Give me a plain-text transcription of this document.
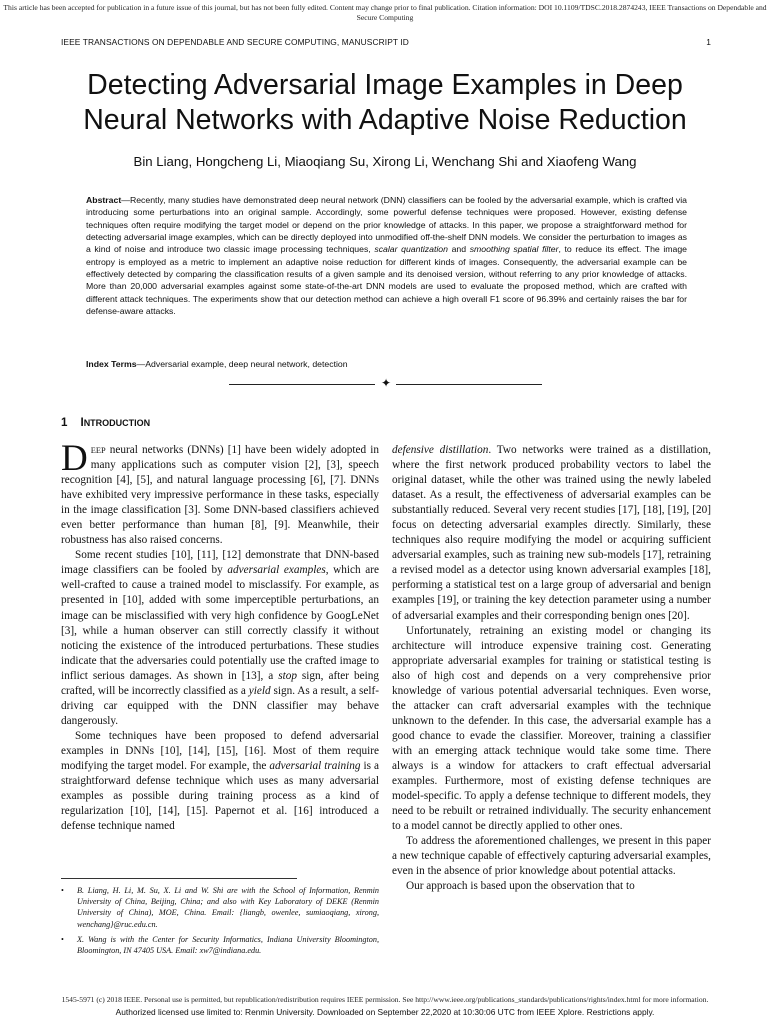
This article has been accepted for publication in a future issue of this journal, but has not been fully edited. Content may change prior to final publication. Citation information: DOI 10.1109/TDSC.2018.2874243, IEEE Transactions on Dependable and Secure Computing
IEEE TRANSACTIONS ON DEPENDABLE AND SECURE COMPUTING, MANUSCRIPT ID	1
Detecting Adversarial Image Examples in Deep
Neural Networks with Adaptive Noise Reduction
Bin Liang, Hongcheng Li, Miaoqiang Su, Xirong Li, Wenchang Shi and Xiaofeng Wang
Abstract—Recently, many studies have demonstrated deep neural network (DNN) classifiers can be fooled by the adversarial example, which is crafted via introducing some perturbations into an original sample. Accordingly, some powerful defense techniques were proposed. However, existing defense techniques often require modifying the target model or depend on the prior knowledge of attacks. In this paper, we propose a straightforward method for detecting adversarial image examples, which can be directly deployed into unmodified off-the-shelf DNN models. We consider the perturbation to images as a kind of noise and introduce two classic image processing techniques, scalar quantization and smoothing spatial filter, to reduce its effect. The image entropy is employed as a metric to implement an adaptive noise reduction for different kinds of images. Consequently, the adversarial example can be effectively detected by comparing the classification results of a given sample and its denoised version, without referring to any prior knowledge of attacks. More than 20,000 adversarial examples against some state-of-the-art DNN models are used to evaluate the proposed method, which are crafted with different attack techniques. The experiments show that our detection method can achieve a high overall F1 score of 96.39% and certainly raises the bar for defense-aware attacks.
Index Terms—Adversarial example, deep neural network, detection
✦
1 INTRODUCTION

DEEP neural networks (DNNs) [1] have been widely adopted in many applications such as computer vision [2], [3], speech recognition [4], [5], and natural language processing [6], [7]. DNNs have exhibited very impressive performance in these tasks, especially in the image classification [3]. Some DNN-based classifiers achieved even better performance than human [8], [9]. Meanwhile, their robustness has also raised concerns.

Some recent studies [10], [11], [12] demonstrate that DNN-based image classifiers can be fooled by adversarial examples, which are well-crafted to cause a trained model to misclassify. For example, as presented in [10], added with some imperceptible perturbations, an image can be misclassified with very high confidence by GoogLeNet [3], while a human observer can still correctly classify it without noticing the existence of the introduced perturbations. These studies indicate that the adversaries could potentially use the crafted image to inflict serious damages. As shown in [13], a stop sign, after being crafted, will be incorrectly classified as a yield sign. As a result, a self-driving car equipped with the DNN classifier may behave dangerously.

Some techniques have been proposed to defend adversarial examples in DNNs [10], [14], [15], [16]. Most of them require modifying the target model. For example, the adversarial training is a straightforward defense technique which uses as many adversarial examples as possible during training process as a kind of regularization [10], [14], [15]. Papernot et al. [16] introduced a defense technique named

• B. Liang, H. Li, M. Su, X. Li and W. Shi are with the School of Information, Renmin University of China, Beijing, China; and also with Key Laboratory of DEKE (Renmin University of China), MOE, China. Email: {liangb, owenlee, sumiaoqiang, xirong, wenchang}@ruc.edu.cn.
• X. Wang is with the Center for Security Informatics, Indiana University Bloomington, Bloomington, IN 47405 USA. Email: xw7@indiana.edu.

defensive distillation. Two networks were trained as a distillation, where the first network produced probability vectors to label the original dataset, while the other was trained using the newly labeled dataset. As a result, the effectiveness of adversarial examples can be substantially reduced. Several very recent studies [17], [18], [19], [20] focus on detecting adversarial examples directly. Similarly, these techniques also require modifying the model or acquiring sufficient adversarial examples, such as training new sub-models [17], retraining a revised model as a detector using known adversarial examples [18], performing a statistical test on a large group of adversarial and benign examples [19], or training the key detection parameter using a number of adversarial examples and their corresponding benign ones [20].

Unfortunately, retraining an existing model or changing its architecture will introduce expensive training cost. Generating appropriate adversarial examples for training or statistical testing is also of high cost and depends on a very comprehensive prior knowledge of various potential adversarial techniques. Even worse, the attacker can craft adversarial examples with the technique unknown to the defender. In this case, the adversarial example has a good chance to evade the classifier. Moreover, training a classifier with an emerging attack technique would take some time. There always is a window for attackers to craft effectual adversarial examples. Furthermore, most of existing defense techniques are model-specific. To apply a defense technique to different models, they need to be rebuilt or retrained individually. The security enhancement to a model cannot be directly applied to other ones.

To address the aforementioned challenges, we present in this paper a new technique capable of effectively capturing adversarial examples, even in the absence of prior knowledge about potential attacks.

Our approach is based upon the observation that to

1545-5971 (c) 2018 IEEE. Personal use is permitted, but republication/redistribution requires IEEE permission. See http://www.ieee.org/publications_standards/publications/rights/index.html for more information.
Authorized licensed use limited to: Renmin University. Downloaded on September 22,2020 at 10:30:06 UTC from IEEE Xplore. Restrictions apply.
